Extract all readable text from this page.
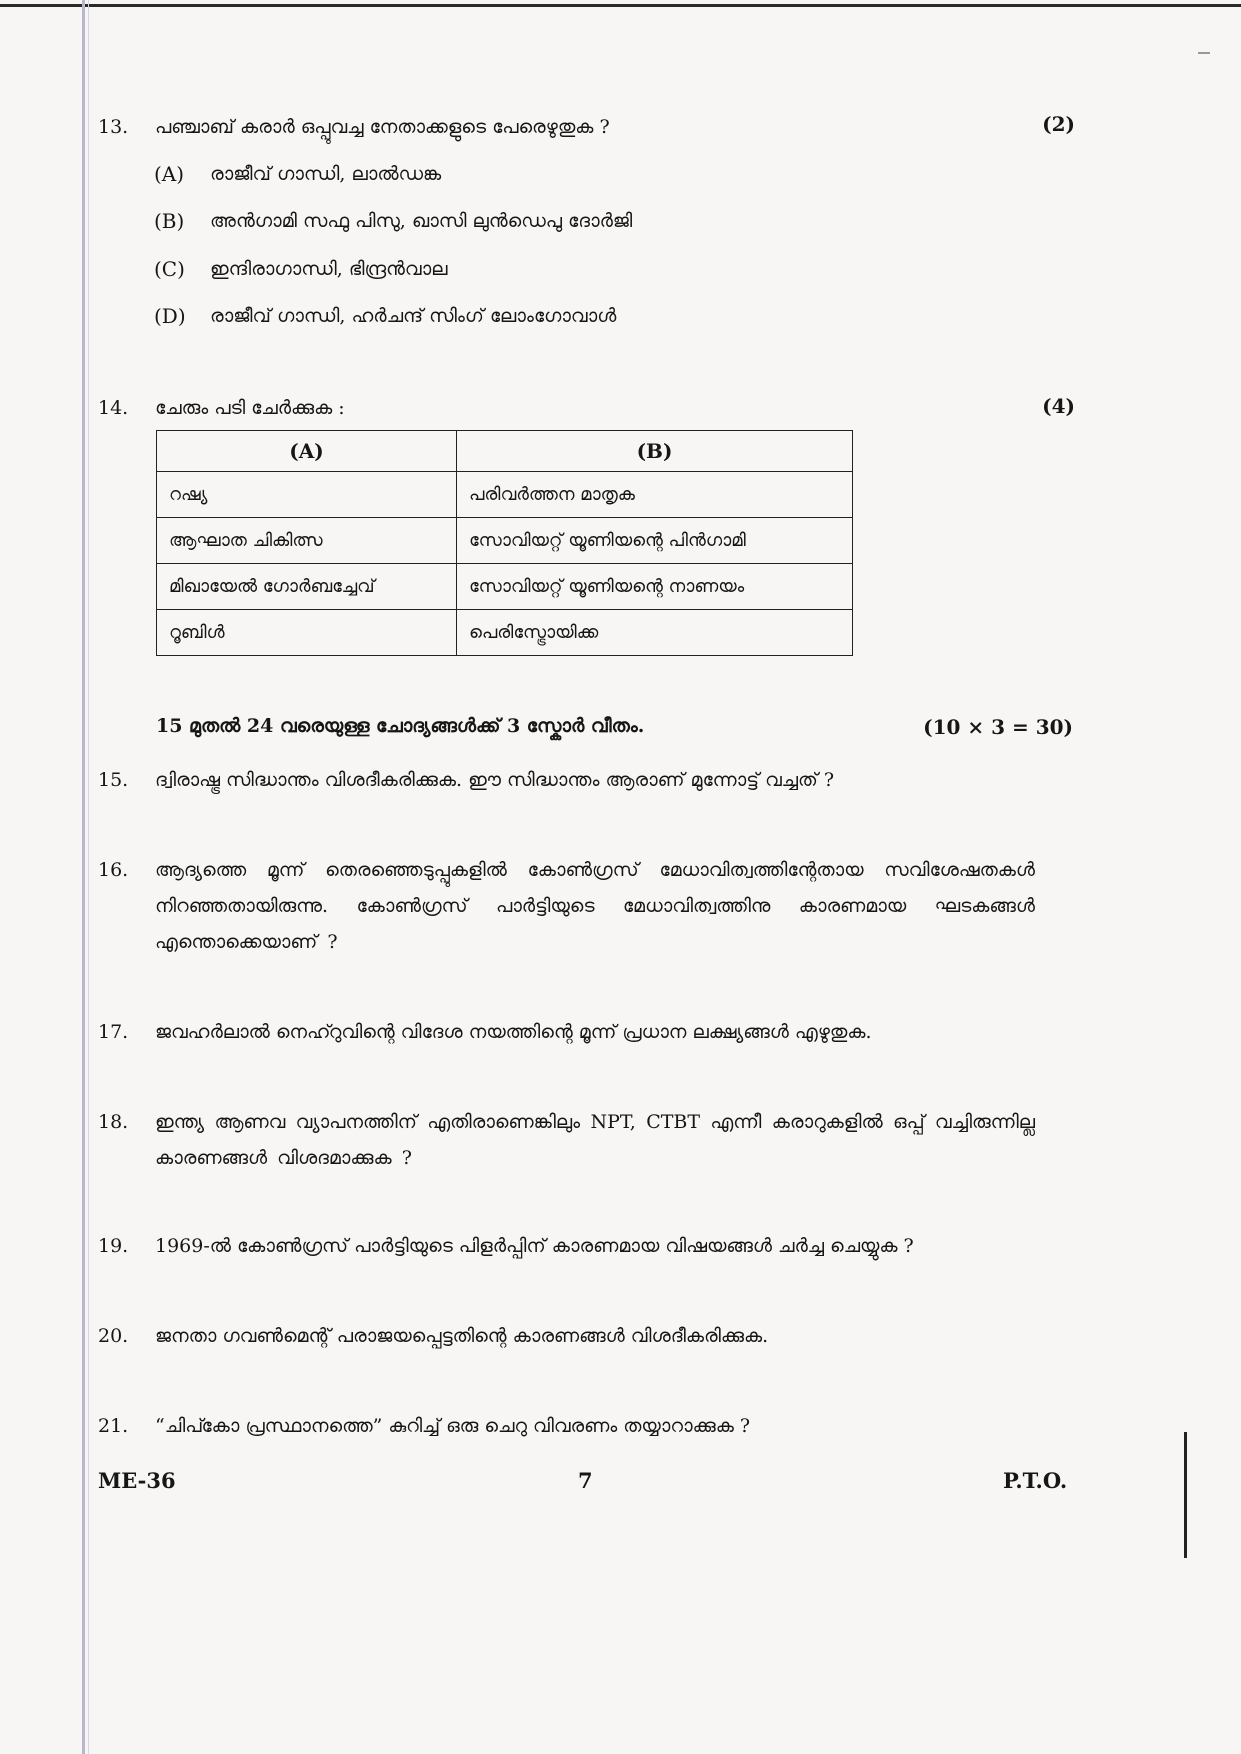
13.	പഞ്ചാബ് കരാർ ഒപ്പുവച്ച നേതാക്കളുടെ പേരെഴുതുക ?	(2)
(A)	രാജീവ് ഗാന്ധി, ലാൽഡങ്ക
(B)	അൻഗാമി സഫു പിസു, ഖാസി ലുൻഡെപു ദോർജി
(C)	ഇന്ദിരാഗാന്ധി, ഭിന്ദ്രൻവാല
(D)	രാജീവ് ഗാന്ധി, ഹർചന്ദ് സിംഗ് ലോംഗോവാൾ
14.	ചേരും പടി ചേർക്കുക :	(4)
(A)	(B)
റഷ്യ	പരിവർത്തന മാതൃക
ആഘാത ചികിത്സ	സോവിയറ്റ് യൂണിയന്റെ പിൻഗാമി
മിഖായേൽ ഗോർബച്ചേവ്	സോവിയറ്റ് യൂണിയന്റെ നാണയം
റൂബിൾ	പെരിസ്ട്രോയിക്ക
15 മുതൽ 24 വരെയുള്ള ചോദ്യങ്ങൾക്ക് 3 സ്കോർ വീതം.	(10 × 3 = 30)
15.	ദ്വിരാഷ്ട്ര സിദ്ധാന്തം വിശദീകരിക്കുക. ഈ സിദ്ധാന്തം ആരാണ് മുന്നോട്ട് വച്ചത് ?
16.	ആദ്യത്തെ മൂന്ന് തെരഞ്ഞെടുപ്പുകളിൽ കോൺഗ്രസ് മേധാവിത്വത്തിന്റേതായ സവിശേഷതകൾ നിറഞ്ഞതായിരുന്നു. കോൺഗ്രസ് പാർട്ടിയുടെ മേധാവിത്വത്തിനു കാരണമായ ഘടകങ്ങൾ എന്തൊക്കെയാണ് ?
17.	ജവഹർലാൽ നെഹ്റുവിന്റെ വിദേശ നയത്തിന്റെ മൂന്ന് പ്രധാന ലക്ഷ്യങ്ങൾ എഴുതുക.
18.	ഇന്ത്യ ആണവ വ്യാപനത്തിന് എതിരാണെങ്കിലും NPT, CTBT എന്നീ കരാറുകളിൽ ഒപ്പ് വച്ചിരുന്നില്ല കാരണങ്ങൾ വിശദമാക്കുക ?
19.	1969-ൽ കോൺഗ്രസ് പാർട്ടിയുടെ പിളർപ്പിന് കാരണമായ വിഷയങ്ങൾ ചർച്ച ചെയ്യുക ?
20.	ജനതാ ഗവൺമെന്റ് പരാജയപ്പെട്ടതിന്റെ കാരണങ്ങൾ വിശദീകരിക്കുക.
21.	“ചിപ്കോ പ്രസ്ഥാനത്തെ” കുറിച്ച് ഒരു ചെറു വിവരണം തയ്യാറാക്കുക ?
ME-36	7	P.T.O.
